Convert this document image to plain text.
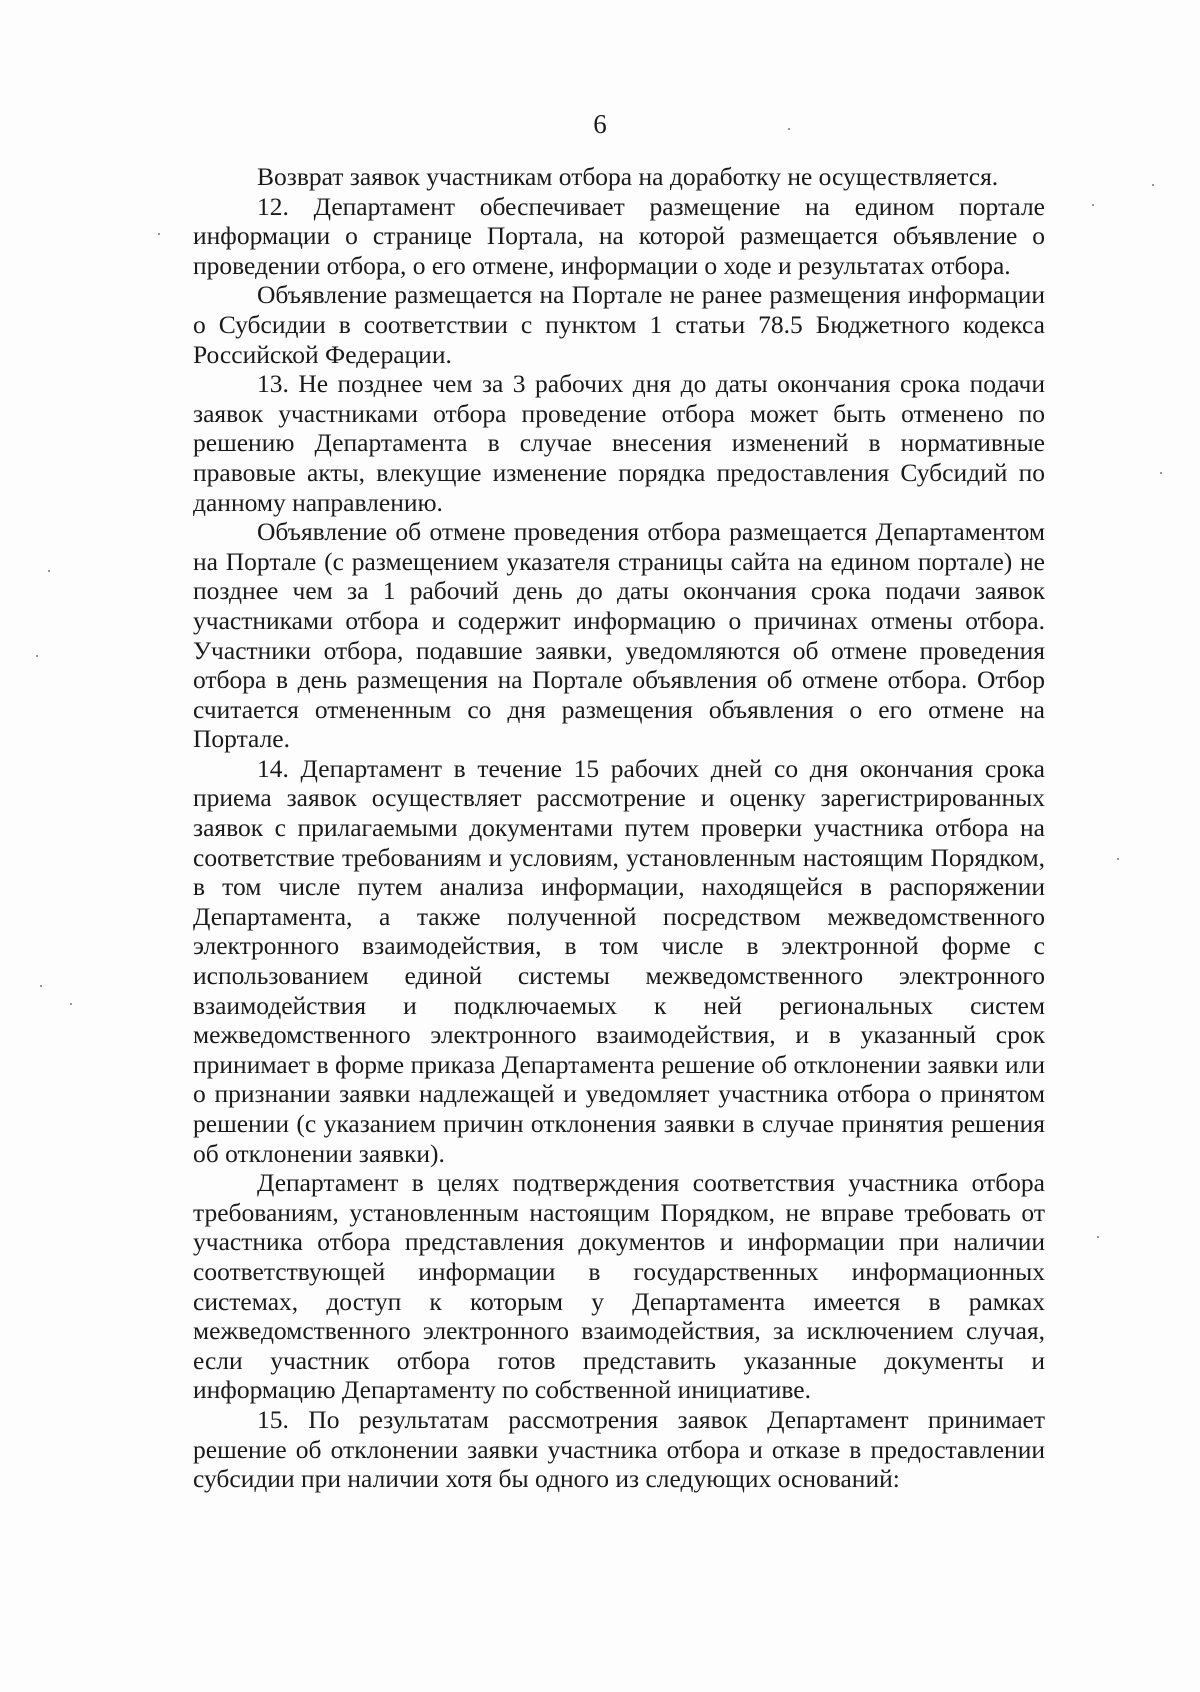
6

Возврат заявок участникам отбора на доработку не осуществляется.

12. Департамент обеспечивает размещение на едином портале информации о странице Портала, на которой размещается объявление о проведении отбора, о его отмене, информации о ходе и результатах отбора.

Объявление размещается на Портале не ранее размещения информации о Субсидии в соответствии с пунктом 1 статьи 78.5 Бюджетного кодекса Российской Федерации.

13. Не позднее чем за 3 рабочих дня до даты окончания срока подачи заявок участниками отбора проведение отбора может быть отменено по решению Департамента в случае внесения изменений в нормативные правовые акты, влекущие изменение порядка предоставления Субсидий по данному направлению.

Объявление об отмене проведения отбора размещается Департаментом на Портале (с размещением указателя страницы сайта на едином портале) не позднее чем за 1 рабочий день до даты окончания срока подачи заявок участниками отбора и содержит информацию о причинах отмены отбора. Участники отбора, подавшие заявки, уведомляются об отмене проведения отбора в день размещения на Портале объявления об отмене отбора. Отбор считается отмененным со дня размещения объявления о его отмене на Портале.

14. Департамент в течение 15 рабочих дней со дня окончания срока приема заявок осуществляет рассмотрение и оценку зарегистрированных заявок с прилагаемыми документами путем проверки участника отбора на соответствие требованиям и условиям, установленным настоящим Порядком, в том числе путем анализа информации, находящейся в распоряжении Департамента, а также полученной посредством межведомственного электронного взаимодействия, в том числе в электронной форме с использованием единой системы межведомственного электронного взаимодействия и подключаемых к ней региональных систем межведомственного электронного взаимодействия, и в указанный срок принимает в форме приказа Департамента решение об отклонении заявки или о признании заявки надлежащей и уведомляет участника отбора о принятом решении (с указанием причин отклонения заявки в случае принятия решения об отклонении заявки).

Департамент в целях подтверждения соответствия участника отбора требованиям, установленным настоящим Порядком, не вправе требовать от участника отбора представления документов и информации при наличии соответствующей информации в государственных информационных системах, доступ к которым у Департамента имеется в рамках межведомственного электронного взаимодействия, за исключением случая, если участник отбора готов представить указанные документы и информацию Департаменту по собственной инициативе.

15. По результатам рассмотрения заявок Департамент принимает решение об отклонении заявки участника отбора и отказе в предоставлении субсидии при наличии хотя бы одного из следующих оснований:
